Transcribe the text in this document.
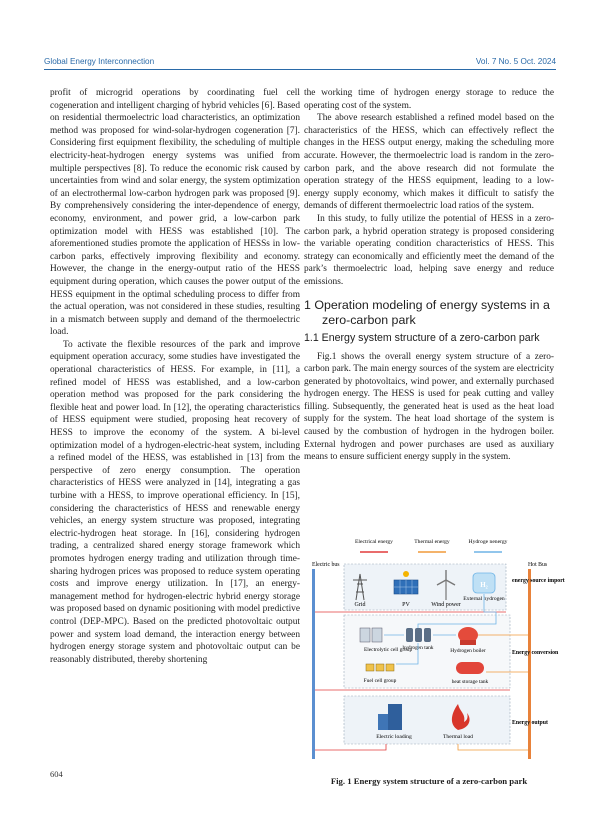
Global Energy Interconnection	Vol. 7 No. 5 Oct. 2024

profit of microgrid operations by coordinating fuel cell cogeneration and intelligent charging of hybrid vehicles [6]. Based on residential thermoelectric load characteristics, an optimization method was proposed for wind-solar-hydrogen cogeneration [7]. Considering first equipment flexibility, the scheduling of multiple electricity-heat-hydrogen energy systems was unified from multiple perspectives [8]. To reduce the economic risk caused by uncertainties from wind and solar energy, the system optimization of an electrothermal low-carbon hydrogen park was proposed [9]. By comprehensively considering the inter-dependence of energy, economy, environment, and power grid, a low-carbon park optimization model with HESS was established [10]. The aforementioned studies promote the application of HESSs in low-carbon parks, effectively improving flexibility and economy. However, the change in the energy-output ratio of the HESS equipment during operation, which causes the power output of the HESS equipment in the optimal scheduling process to differ from the actual operation, was not considered in these studies, resulting in a mismatch between supply and demand of the thermoelectric load.

To activate the flexible resources of the park and improve equipment operation accuracy, some studies have investigated the operational characteristics of HESS. For example, in [11], a refined model of HESS was established, and a low-carbon operation method was proposed for the park considering the flexible heat and power load. In [12], the operating characteristics of HESS equipment were studied, proposing heat recovery of HESS to improve the economy of the system. A bi-level optimization model of a hydrogen-electric-heat system, including a refined model of the HESS, was established in [13] from the perspective of zero energy consumption. The operation characteristics of HESS were analyzed in [14], integrating a gas turbine with a HESS, to improve operational efficiency. In [15], considering the characteristics of HESS and renewable energy vehicles, an energy system structure was proposed, integrating electric-hydrogen heat storage. In [16], considering hydrogen trading, a centralized shared energy storage framework which promotes hydrogen energy trading and utilization through time-sharing hydrogen prices was proposed to reduce system operating costs and improve energy utilization. In [17], an energy-management method for hydrogen-electric hybrid energy storage was proposed based on dynamic positioning with model predictive control (DEP-MPC). Based on the predicted photovoltaic output power and system load demand, the interaction energy between hydrogen energy storage system and photovoltaic output can be reasonably distributed, thereby shortening

the working time of hydrogen energy storage to reduce the operating cost of the system.

The above research established a refined model based on the characteristics of the HESS, which can effectively reflect the changes in the HESS output energy, making the scheduling more accurate. However, the thermoelectric load is random in the zero-carbon park, and the above research did not formulate the operation strategy of the HESS equipment, leading to a low-energy supply economy, which makes it difficult to satisfy the demands of different thermoelectric load ratios of the system.

In this study, to fully utilize the potential of HESS in a zero-carbon park, a hybrid operation strategy is proposed considering the variable operating condition characteristics of HESS. This strategy can economically and efficiently meet the demand of the park’s thermoelectric load, helping save energy and reduce emissions.

1 Operation modeling of energy systems in a zero-carbon park
1.1 Energy system structure of a zero-carbon park

Fig.1 shows the overall energy system structure of a zero-carbon park. The main energy sources of the system are electricity generated by photovoltaics, wind power, and externally purchased hydrogen energy. The HESS is used for peak cutting and valley filling. Subsequently, the generated heat is used as the heat load supply for the system. The heat load shortage of the system is caused by the combustion of hydrogen in the hydrogen boiler. External hydrogen and power purchases are used as auxiliary means to ensure sufficient energy supply in the system.

Electrical energy	Thermal energy	Hydroge nenergy
Electric bus	Hot Bus
Grid	PV	Wind power
H₂
External hydrogen
energy source import
Electrolytic cell group
hydrogen tank	Hydrogen boiler
Fuel cell group	heat storage tank
Energy conversion
Electric loading	Thermal load
Energy output
Fig. 1 Energy system structure of a zero-carbon park
604
